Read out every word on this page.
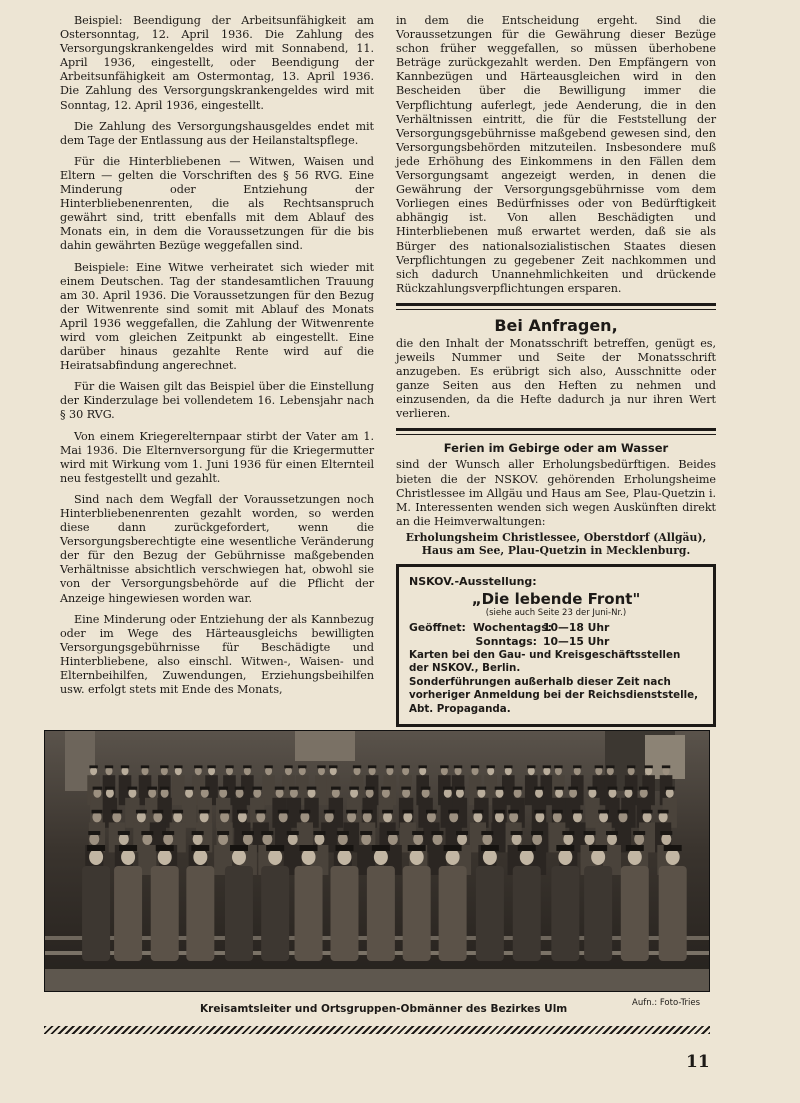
Beispiel: Beendigung der Arbeitsunfähigkeit am Ostersonntag, 12. April 1936. Die Zahlung des Versorgungskrankengeldes wird mit Sonnabend, 11. April 1936, eingestellt, oder Beendigung der Arbeitsunfähigkeit am Ostermontag, 13. April 1936. Die Zahlung des Versorgungskrankengeldes wird mit Sonntag, 12. April 1936, eingestellt.

Die Zahlung des Versorgungshausgeldes endet mit dem Tage der Entlassung aus der Heilanstaltspflege.

Für die Hinterbliebenen — Witwen, Waisen und Eltern — gelten die Vorschriften des § 56 RVG. Eine Minderung oder Entziehung der Hinterbliebenenrenten, die als Rechtsanspruch gewährt sind, tritt ebenfalls mit dem Ablauf des Monats ein, in dem die Voraussetzungen für die bis dahin gewährten Bezüge weggefallen sind.

Beispiele: Eine Witwe verheiratet sich wieder mit einem Deutschen. Tag der standesamtlichen Trauung am 30. April 1936. Die Voraussetzungen für den Bezug der Witwenrente sind somit mit Ablauf des Monats April 1936 weggefallen, die Zahlung der Witwenrente wird vom gleichen Zeitpunkt ab eingestellt. Eine darüber hinaus gezahlte Rente wird auf die Heiratsabfindung angerechnet.

Für die Waisen gilt das Beispiel über die Einstellung der Kinderzulage bei vollendetem 16. Lebensjahr nach § 30 RVG.

Von einem Kriegerelternpaar stirbt der Vater am 1. Mai 1936. Die Elternversorgung für die Kriegermutter wird mit Wirkung vom 1. Juni 1936 für einen Elternteil neu festgestellt und gezahlt.

Sind nach dem Wegfall der Voraussetzungen noch Hinterbliebenenrenten gezahlt worden, so werden diese dann zurückgefordert, wenn die Versorgungsberechtigte eine wesentliche Veränderung der für den Bezug der Gebührnisse maßgebenden Verhältnisse absichtlich verschwiegen hat, obwohl sie von der Versorgungsbehörde auf die Pflicht der Anzeige hingewiesen worden war.

Eine Minderung oder Entziehung der als Kannbezug oder im Wege des Härteausgleichs bewilligten Versorgungsgebührnisse für Beschädigte und Hinterbliebene, also einschl. Witwen-, Waisen- und Elternbeihilfen, Zuwendungen, Erziehungsbeihilfen usw. erfolgt stets mit Ende des Monats,

in dem die Entscheidung ergeht. Sind die Voraussetzungen für die Gewährung dieser Bezüge schon früher weggefallen, so müssen überhobene Beträge zurückgezahlt werden. Den Empfängern von Kannbezügen und Härteausgleichen wird in den Bescheiden über die Bewilligung immer die Verpflichtung auferlegt, jede Aenderung, die in den Verhältnissen eintritt, die für die Feststellung der Versorgungsgebührnisse maßgebend gewesen sind, den Versorgungsbehörden mitzuteilen. Insbesondere muß jede Erhöhung des Einkommens in den Fällen dem Versorgungsamt angezeigt werden, in denen die Gewährung der Versorgungsgebührnisse vom dem Vorliegen eines Bedürfnisses oder von Bedürftigkeit abhängig ist. Von allen Beschädigten und Hinterbliebenen muß erwartet werden, daß sie als Bürger des nationalsozialistischen Staates diesen Verpflichtungen zu gegebener Zeit nachkommen und sich dadurch Unannehmlichkeiten und drückende Rückzahlungsverpflichtungen ersparen.

Bei Anfragen,

die den Inhalt der Monatsschrift betreffen, genügt es, jeweils Nummer und Seite der Monatsschrift anzugeben. Es erübrigt sich also, Ausschnitte oder ganze Seiten aus den Heften zu nehmen und einzusenden, da die Hefte dadurch ja nur ihren Wert verlieren.

Ferien im Gebirge oder am Wasser

sind der Wunsch aller Erholungsbedürftigen. Beides bieten die der NSKOV. gehörenden Erholungsheime Christlessee im Allgäu und Haus am See, Plau-Quetzin i. M. Interessenten wenden sich wegen Auskünften direkt an die Heimverwaltungen:

Erholungsheim Christlessee, Oberstdorf (Allgäu),
Haus am See, Plau-Quetzin in Mecklenburg.
NSKOV.-Ausstellung:
„Die lebende Front"
(siehe auch Seite 23 der Juni-Nr.)
Geöffnet: Wochentags:
10—18 Uhr
Sonntags: 10—15 Uhr
Karten bei den Gau- und Kreisgeschäftsstellen der NSKOV., Berlin.
Sonderführungen außerhalb dieser Zeit nach vorheriger Anmeldung bei der Reichsdienststelle, Abt. Propaganda.
Kreisamtsleiter und Ortsgruppen-Obmänner des Bezirkes Ulm	Aufn.: Foto-Tries
11
